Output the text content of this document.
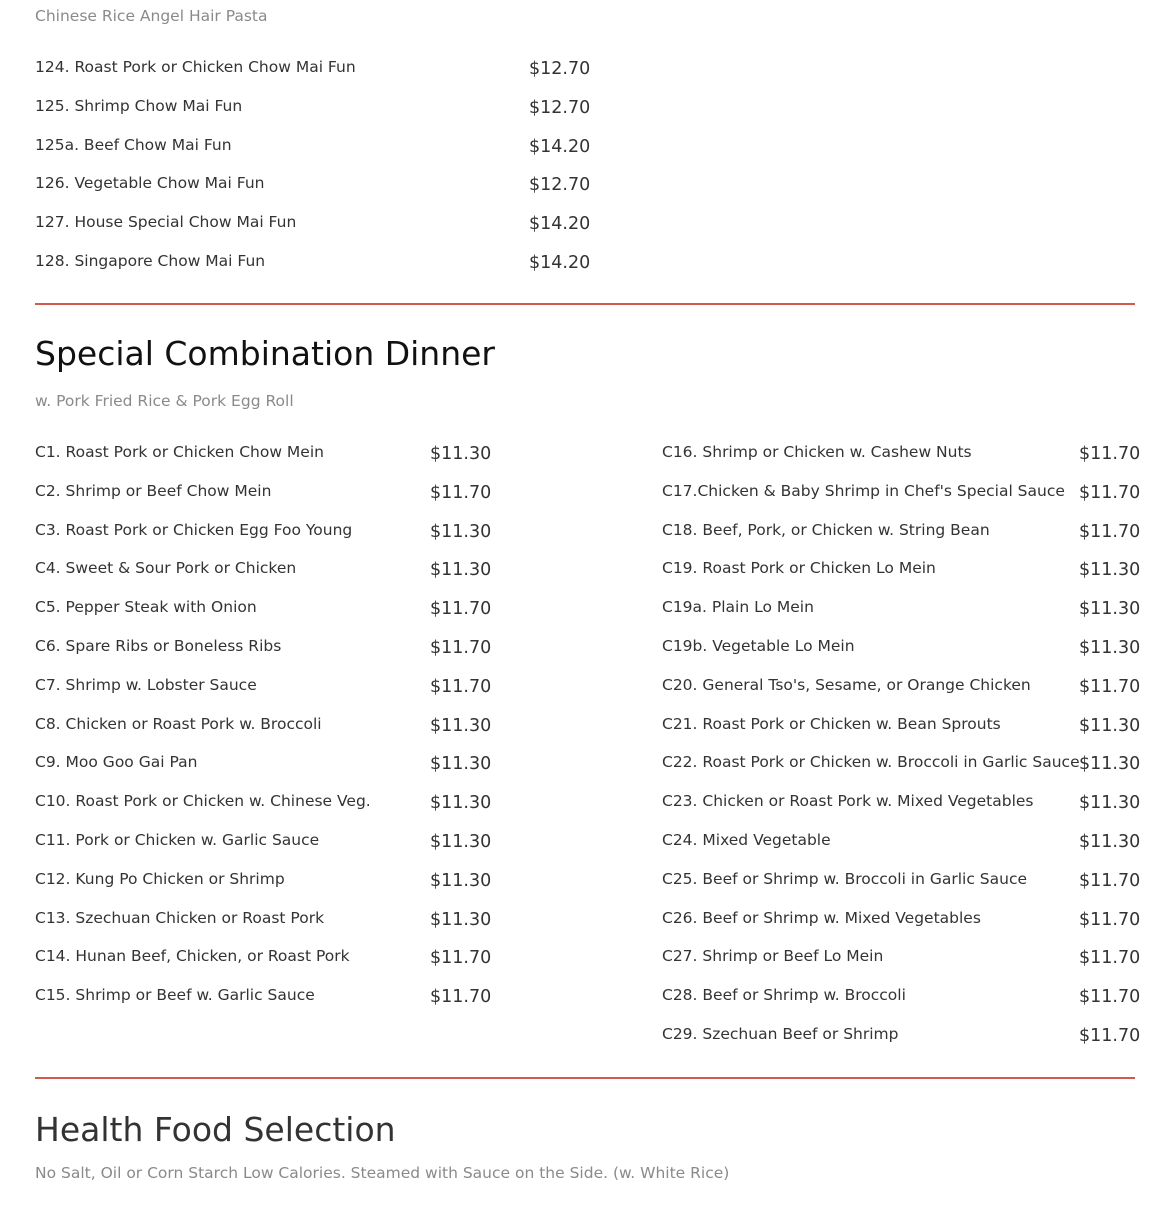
Chinese Rice Angel Hair Pasta
124. Roast Pork or Chicken Chow Mai Fun	$12.70
125. Shrimp Chow Mai Fun	$12.70
125a. Beef Chow Mai Fun	$14.20
126. Vegetable Chow Mai Fun	$12.70
127. House Special Chow Mai Fun	$14.20
128. Singapore Chow Mai Fun	$14.20
Special Combination Dinner
w. Pork Fried Rice & Pork Egg Roll
C1. Roast Pork or Chicken Chow Mein	$11.30
C2. Shrimp or Beef Chow Mein	$11.70
C3. Roast Pork or Chicken Egg Foo Young	$11.30
C4. Sweet & Sour Pork or Chicken	$11.30
C5. Pepper Steak with Onion	$11.70
C6. Spare Ribs or Boneless Ribs	$11.70
C7. Shrimp w. Lobster Sauce	$11.70
C8. Chicken or Roast Pork w. Broccoli	$11.30
C9. Moo Goo Gai Pan	$11.30
C10. Roast Pork or Chicken w. Chinese Veg.	$11.30
C11. Pork or Chicken w. Garlic Sauce	$11.30
C12. Kung Po Chicken or Shrimp	$11.30
C13. Szechuan Chicken or Roast Pork	$11.30
C14. Hunan Beef, Chicken, or Roast Pork	$11.70
C15. Shrimp or Beef w. Garlic Sauce	$11.70
C16. Shrimp or Chicken w. Cashew Nuts	$11.70
C17.Chicken & Baby Shrimp in Chef's Special Sauce $11.70
C18. Beef, Pork, or Chicken w. String Bean	$11.70
C19. Roast Pork or Chicken Lo Mein	$11.30
C19a. Plain Lo Mein	$11.30
C19b. Vegetable Lo Mein	$11.30
C20. General Tso's, Sesame, or Orange Chicken	$11.70
C21. Roast Pork or Chicken w. Bean Sprouts	$11.30
C22. Roast Pork or Chicken w. Broccoli in Garlic Sauce $11.30
C23. Chicken or Roast Pork w. Mixed Vegetables	$11.30
C24. Mixed Vegetable	$11.30
C25. Beef or Shrimp w. Broccoli in Garlic Sauce	$11.70
C26. Beef or Shrimp w. Mixed Vegetables	$11.70
C27. Shrimp or Beef Lo Mein	$11.70
C28. Beef or Shrimp w. Broccoli	$11.70
C29. Szechuan Beef or Shrimp	$11.70
Health Food Selection
No Salt, Oil or Corn Starch Low Calories. Steamed with Sauce on the Side. (w. White Rice)
